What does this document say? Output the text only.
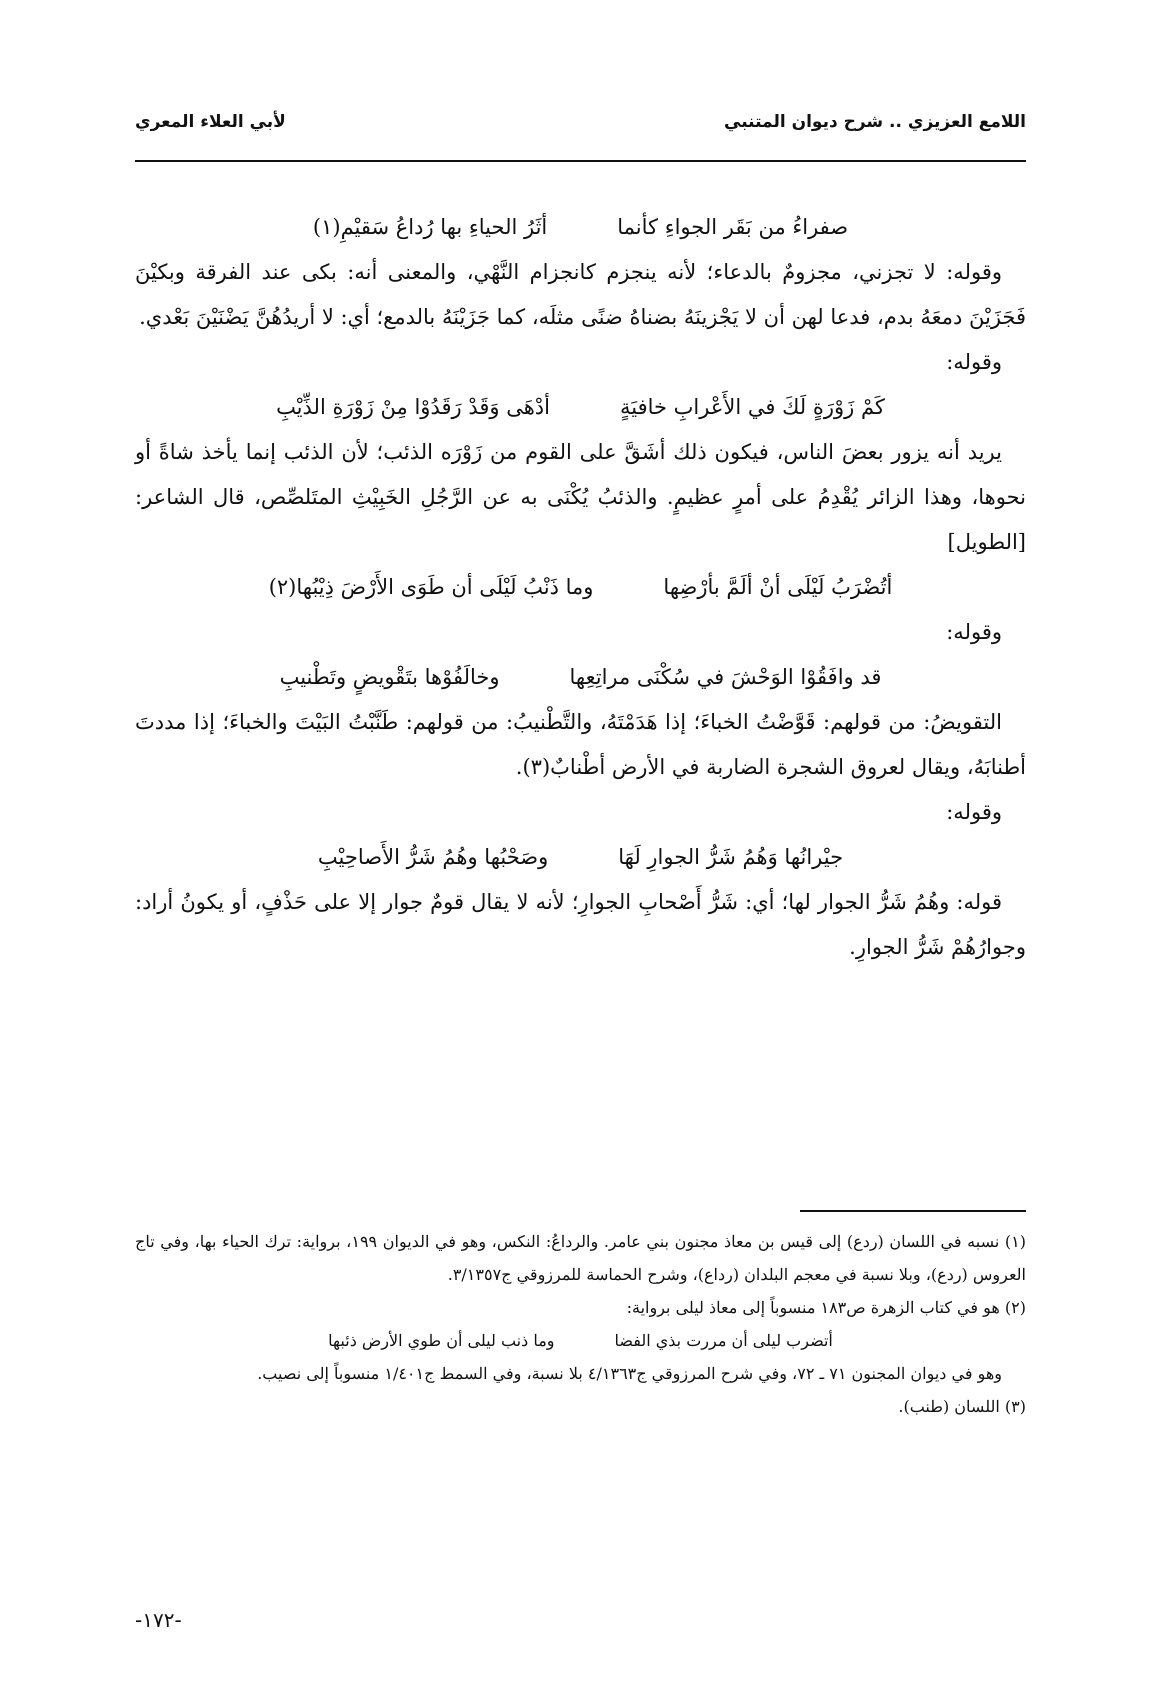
اللامع العزيزي .. شرح ديوان المتنبي
لأبي العلاء المعري
صفراءُ من بَقَر الجواءِ كأنما
أثَرُ الحياءِ بها رُداعُ سَقيْمِ(١)
وقوله: لا تجزني، مجزومٌ بالدعاء؛ لأنه ينجزم كانجزام النَّهْي، والمعنى أنه: بكى عند الفرقة وبكيْنَ فَجَزَيْنَ دمعَهُ بدم، فدعا لهن أن لا يَجْزينَهُ بضناهُ ضنًى مثلَه، كما جَزَيْنَهُ بالدمع؛ أي: لا أريدُهُنَّ يَضْنَيْنَ بَعْدي.
وقوله:
كَمْ زَوْرَةٍ لَكَ في الأَعْرابِ خافيَةٍ
أدْهَى وَقَدْ رَقَدُوْا مِنْ زَوْرَةِ الذِّيْبِ
يريد أنه يزور بعضَ الناس، فيكون ذلك أشَقَّ على القوم من زَوْرَه الذئب؛ لأن الذئب إنما يأخذ شاةً أو نحوها، وهذا الزائر يُقْدِمُ على أمرٍ عظيمٍ. والذئبُ يُكْنَى به عن الرَّجُلِ الخَبِيْثِ المتَلصِّص، قال الشاعر: [الطويل]
أتُضْرَبُ لَيْلَى أنْ ألَمَّ بأرْضِها
وما ذَنْبُ لَيْلَى أن طَوَى الأَرْضَ ذِيْبُها(٢)
وقوله:
قد وافَقُوْا الوَحْشَ في سُكْنَى مراتِعِها
وخالَفُوْها بتَقْويضٍ وتَطْنيبِ
التقويضُ: من قولهم: قَوَّضْتُ الخباءَ؛ إذا هَدَمْتَهُ، والتَّطْنيبُ: من قولهم: طَنَّبْتُ البَيْتَ والخباءَ؛ إذا مددتَ أطنابَهُ، ويقال لعروق الشجرة الضاربة في الأرض أطْنابٌ(٣).
وقوله:
جيْرانُها وَهُمُ شَرُّ الجوارِ لَهَا
وصَحْبُها وهُمُ شَرُّ الأَصاحِيْبِ
قوله: وهُمُ شَرُّ الجوار لها؛ أي: شَرُّ أَصْحابِ الجوارِ؛ لأنه لا يقال قومٌ جوار إلا على حَذْفٍ، أو يكونُ أراد: وجوارُهُمْ شَرُّ الجوارِ.
(١) نسبه في اللسان (ردع) إلى قيس بن معاذ مجنون بني عامر. والرداعُ: النكس، وهو في الديوان ١٩٩، برواية: ترك الحياء بها، وفي تاج العروس (ردع)، وبلا نسبة في معجم البلدان (رداع)، وشرح الحماسة للمرزوقي ج٣/١٣٥٧.
(٢) هو في كتاب الزهرة ص١٨٣ منسوباً إلى معاذ ليلى برواية:
أتضرب ليلى أن مررت بذي الفضا
وما ذنب ليلى أن طوي الأرض ذئبها
وهو في ديوان المجنون ٧١ ـ ٧٢، وفي شرح المرزوقي ج٤/١٣٦٣ بلا نسبة، وفي السمط ج١/٤٠١ منسوباً إلى نصيب.
(٣) اللسان (طنب).
-١٧٢-
